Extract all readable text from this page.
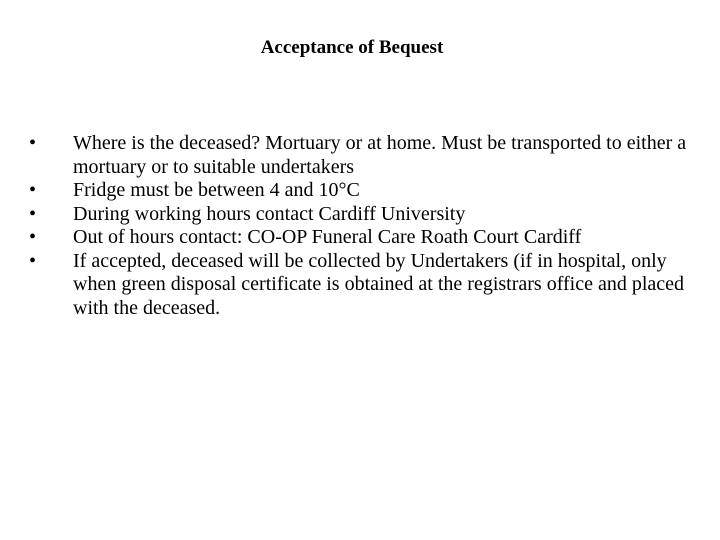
Acceptance of Bequest
•	Where is the deceased? Mortuary or at home. Must be transported to either a mortuary or to suitable undertakers
•	Fridge must be between 4 and 10°C
•	During working hours contact Cardiff University
•	Out of hours contact: CO-OP Funeral Care Roath Court Cardiff
•	If accepted, deceased will be collected by Undertakers (if in hospital, only when green disposal certificate is obtained at the registrars office and placed with the deceased.
